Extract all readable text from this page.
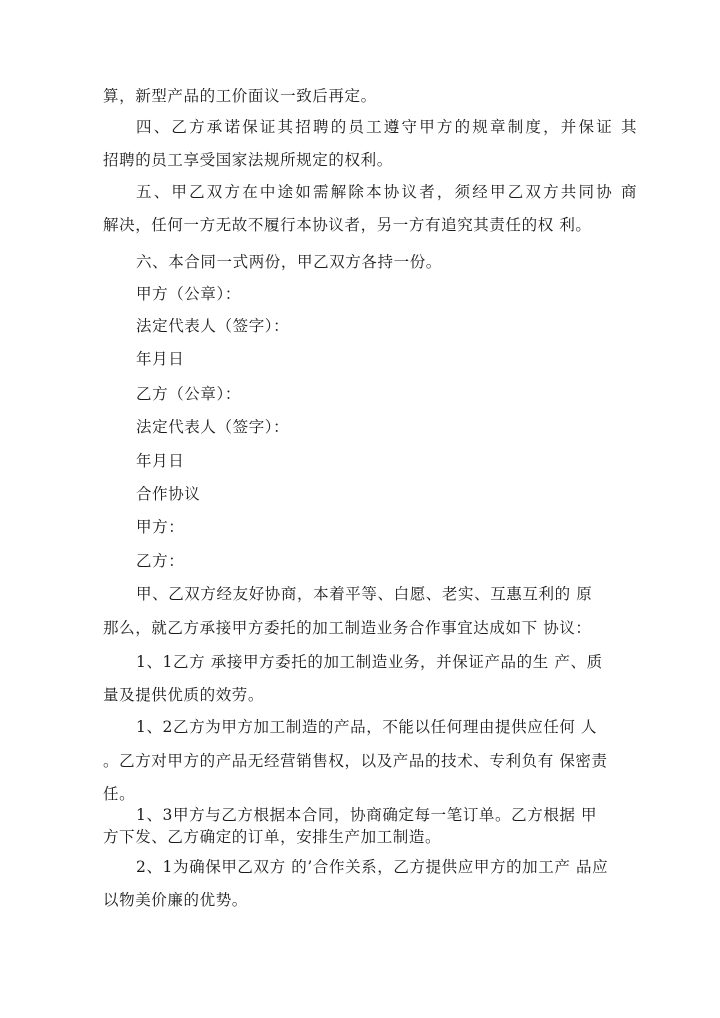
算，新型产品的工价面议一致后再定。
四、乙方承诺保证其招聘的员工遵守甲方的规章制度，并保证 其
招聘的员工享受国家法规所规定的权利。
五、甲乙双方在中途如需解除本协议者，须经甲乙双方共同协 商
解决，任何一方无故不履行本协议者，另一方有追究其责任的权 利。
六、本合同一式两份，甲乙双方各持一份。
甲方（公章）：
法定代表人（签字）：
年月日
乙方（公章）：
法定代表人（签字）：
年月日
合作协议
甲方：
乙方：
甲、乙双方经友好协商，本着平等、白愿、老实、互惠互利的 原
那么，就乙方承接甲方委托的加工制造业务合作事宜达成如下 协议：
1、1乙方 承接甲方委托的加工制造业务，并保证产品的生 产、质
量及提供优质的效劳。
1、2乙方为甲方加工制造的产品，不能以任何理由提供应任何 人
。乙方对甲方的产品无经营销售权，以及产品的技术、专利负有 保密责
任。
1、3甲方与乙方根据本合同，协商确定每一笔订单。乙方根据 甲
方下发、乙方确定的订单，安排生产加工制造。
2、1为确保甲乙双方 的’合作关系，乙方提供应甲方的加工产 品应
以物美价廉的优势。
